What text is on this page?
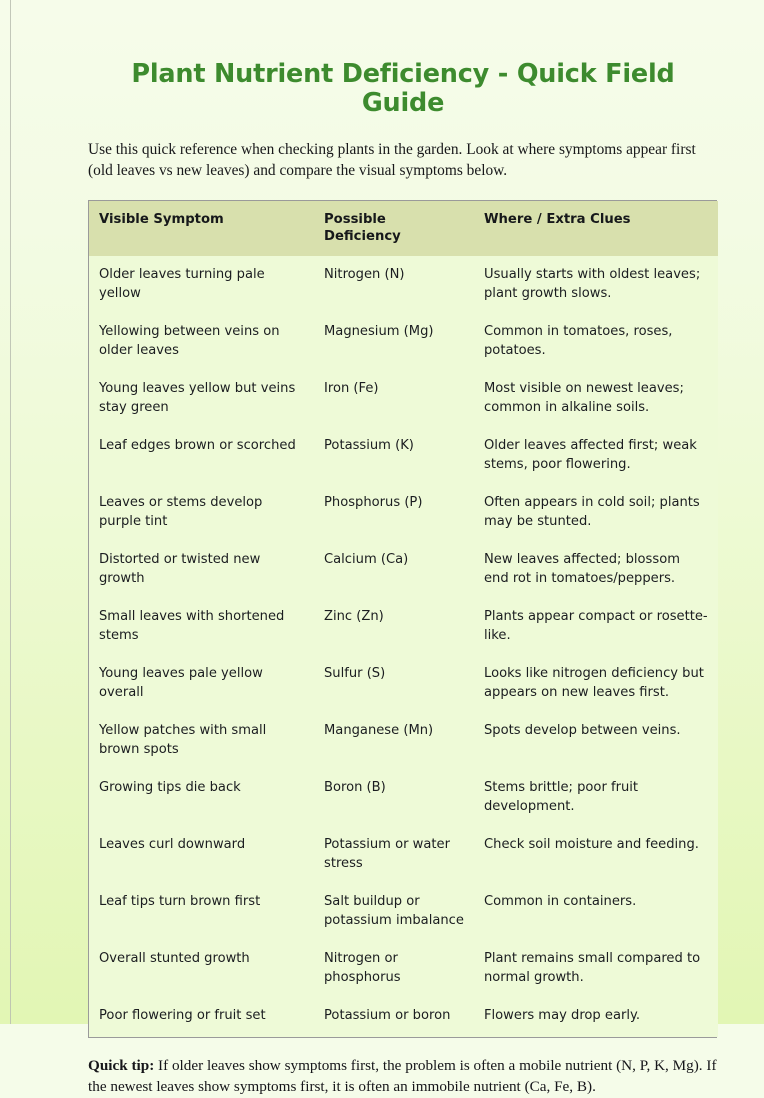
Plant Nutrient Deficiency - Quick Field Guide

Use this quick reference when checking plants in the garden. Look at where symptoms appear first (old leaves vs new leaves) and compare the visual symptoms below.

Visible Symptom	Possible Deficiency	Where / Extra Clues
Older leaves turning pale yellow	Nitrogen (N)	Usually starts with oldest leaves; plant growth slows.
Yellowing between veins on older leaves	Magnesium (Mg)	Common in tomatoes, roses, potatoes.
Young leaves yellow but veins stay green	Iron (Fe)	Most visible on newest leaves; common in alkaline soils.
Leaf edges brown or scorched	Potassium (K)	Older leaves affected first; weak stems, poor flowering.
Leaves or stems develop purple tint	Phosphorus (P)	Often appears in cold soil; plants may be stunted.
Distorted or twisted new growth	Calcium (Ca)	New leaves affected; blossom end rot in tomatoes/peppers.
Small leaves with shortened stems	Zinc (Zn)	Plants appear compact or rosette-like.
Young leaves pale yellow overall	Sulfur (S)	Looks like nitrogen deficiency but appears on new leaves first.
Yellow patches with small brown spots	Manganese (Mn)	Spots develop between veins.
Growing tips die back	Boron (B)	Stems brittle; poor fruit development.
Leaves curl downward	Potassium or water stress	Check soil moisture and feeding.
Leaf tips turn brown first	Salt buildup or potassium imbalance	Common in containers.
Overall stunted growth	Nitrogen or phosphorus	Plant remains small compared to normal growth.
Poor flowering or fruit set	Potassium or boron	Flowers may drop early.

Quick tip: If older leaves show symptoms first, the problem is often a mobile nutrient (N, P, K, Mg). If the newest leaves show symptoms first, it is often an immobile nutrient (Ca, Fe, B).
